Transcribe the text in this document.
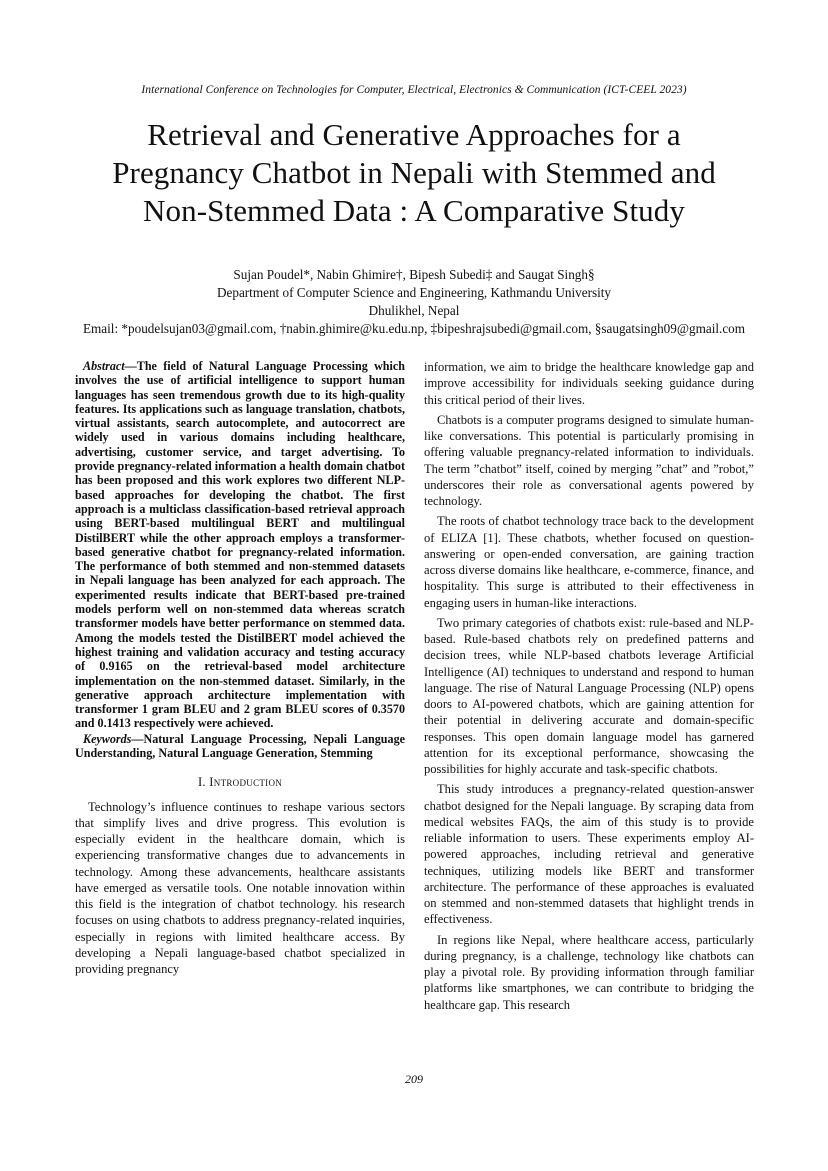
International Conference on Technologies for Computer, Electrical, Electronics & Communication (ICT-CEEL 2023)
Retrieval and Generative Approaches for a
Pregnancy Chatbot in Nepali with Stemmed and
Non-Stemmed Data : A Comparative Study
Sujan Poudel*, Nabin Ghimire†, Bipesh Subedi‡ and Saugat Singh§
Department of Computer Science and Engineering, Kathmandu University
Dhulikhel, Nepal
Email: *poudelsujan03@gmail.com, †nabin.ghimire@ku.edu.np, ‡bipeshrajsubedi@gmail.com, §saugatsingh09@gmail.com

Abstract—The field of Natural Language Processing which involves the use of artificial intelligence to support human languages has seen tremendous growth due to its high-quality features. Its applications such as language translation, chatbots, virtual assistants, search autocomplete, and autocorrect are widely used in various domains including healthcare, advertising, customer service, and target advertising. To provide pregnancy-related information a health domain chatbot has been proposed and this work explores two different NLP-based approaches for developing the chatbot. The first approach is a multiclass classification-based retrieval approach using BERT-based multilingual BERT and multilingual DistilBERT while the other approach employs a transformer-based generative chatbot for pregnancy-related information. The performance of both stemmed and non-stemmed datasets in Nepali language has been analyzed for each approach. The experimented results indicate that BERT-based pre-trained models perform well on non-stemmed data whereas scratch transformer models have better performance on stemmed data. Among the models tested the DistilBERT model achieved the highest training and validation accuracy and testing accuracy of 0.9165 on the retrieval-based model architecture implementation on the non-stemmed dataset. Similarly, in the generative approach architecture implementation with transformer 1 gram BLEU and 2 gram BLEU scores of 0.3570 and 0.1413 respectively were achieved.

Keywords—Natural Language Processing, Nepali Language Understanding, Natural Language Generation, Stemming

I. Introduction

Technology’s influence continues to reshape various sectors that simplify lives and drive progress. This evolution is especially evident in the healthcare domain, which is experiencing transformative changes due to advancements in technology. Among these advancements, healthcare assistants have emerged as versatile tools. One notable innovation within this field is the integration of chatbot technology. his research focuses on using chatbots to address pregnancy-related inquiries, especially in regions with limited healthcare access. By developing a Nepali language-based chatbot specialized in providing pregnancy

information, we aim to bridge the healthcare knowledge gap and improve accessibility for individuals seeking guidance during this critical period of their lives.

Chatbots is a computer programs designed to simulate human-like conversations. This potential is particularly promising in offering valuable pregnancy-related information to individuals. The term ”chatbot” itself, coined by merging ”chat” and ”robot,” underscores their role as conversational agents powered by technology.

The roots of chatbot technology trace back to the development of ELIZA [1]. These chatbots, whether focused on question-answering or open-ended conversation, are gaining traction across diverse domains like healthcare, e-commerce, finance, and hospitality. This surge is attributed to their effectiveness in engaging users in human-like interactions.

Two primary categories of chatbots exist: rule-based and NLP-based. Rule-based chatbots rely on predefined patterns and decision trees, while NLP-based chatbots leverage Artificial Intelligence (AI) techniques to understand and respond to human language. The rise of Natural Language Processing (NLP) opens doors to AI-powered chatbots, which are gaining attention for their potential in delivering accurate and domain-specific responses. This open domain language model has garnered attention for its exceptional performance, showcasing the possibilities for highly accurate and task-specific chatbots.

This study introduces a pregnancy-related question-answer chatbot designed for the Nepali language. By scraping data from medical websites FAQs, the aim of this study is to provide reliable information to users. These experiments employ AI-powered approaches, including retrieval and generative techniques, utilizing models like BERT and transformer architecture. The performance of these approaches is evaluated on stemmed and non-stemmed datasets that highlight trends in effectiveness.

In regions like Nepal, where healthcare access, particularly during pregnancy, is a challenge, technology like chatbots can play a pivotal role. By providing information through familiar platforms like smartphones, we can contribute to bridging the healthcare gap. This research

209
